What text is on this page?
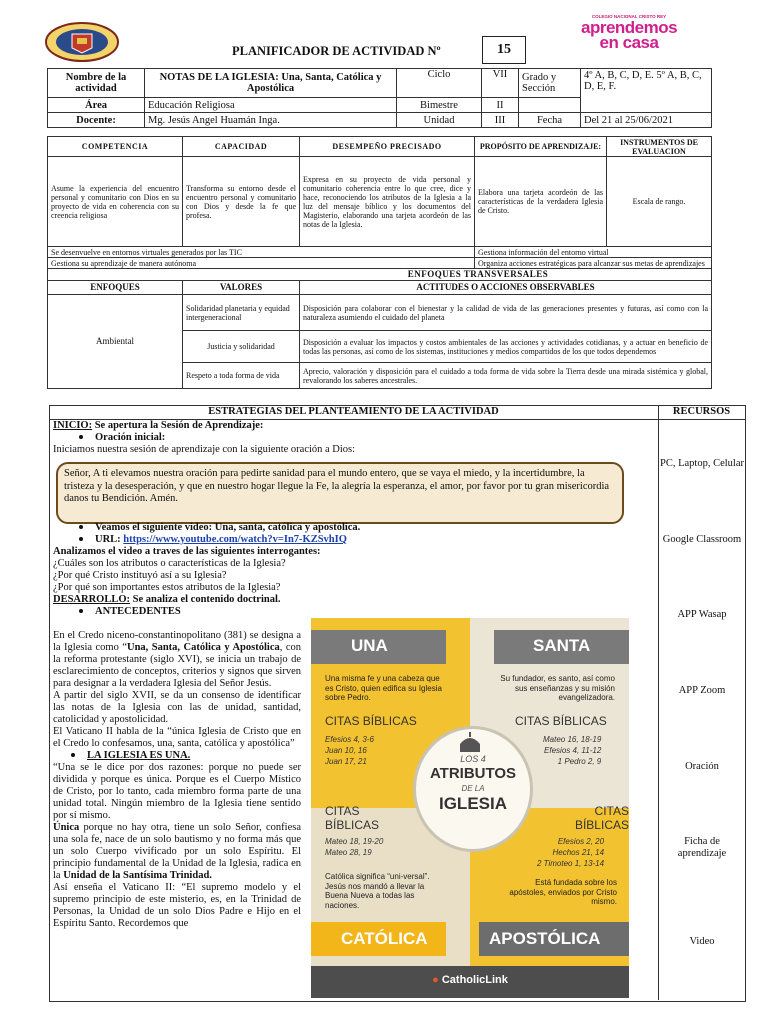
PLANIFICADOR DE ACTIVIDAD Nº	15
COLEGIO NACIONAL CRISTO REY
aprendemos en casa
Nombre de la actividad	NOTAS DE LA IGLESIA: Una, Santa, Católica y Apostólica	Ciclo	VII	Grado y Sección	4º A, B, C, D, E. 5º A, B, C, D, E, F.
Área	Educación Religiosa	Bimestre	II		
Docente:	Mg. Jesús Angel Huamán Inga.	Unidad	III	Fecha	Del 21 al 25/06/2021
COMPETENCIA	CAPACIDAD	DESEMPEÑO PRECISADO	PROPÓSITO DE APRENDIZAJE:	INSTRUMENTOS DE EVALUACION
Asume la experiencia del encuentro personal y comunitario con Dios en su proyecto de vida en coherencia con su creencia religiosa	Transforma su entorno desde el encuentro personal y comunitario con Dios y desde la fe que profesa.	Expresa en su proyecto de vida personal y comunitario coherencia entre lo que cree, dice y hace, reconociendo los atributos de la Iglesia a la luz del mensaje bíblico y los documentos del Magisterio, elaborando una tarjeta acordeón de las notas de la Iglesia.	Elabora una tarjeta acordeón de las características de la verdadera Iglesia de Cristo.	Escala de rango.
Se desenvuelve en entornos virtuales generados por las TIC			Gestiona información del entorno virtual	
Gestiona su aprendizaje de manera autónoma			Organiza acciones estratégicas para alcanzar sus metas de aprendizajes	
ENFOQUES TRANSVERSALES				
ENFOQUES	VALORES	ACTITUDES O ACCIONES OBSERVABLES		
Ambiental	Solidaridad planetaria y equidad intergeneracional	Disposición para colaborar con el bienestar y la calidad de vida de las generaciones presentes y futuras, así como con la naturaleza asumiendo el cuidado del planeta		
	Justicia y solidaridad	Disposición a evaluar los impactos y costos ambientales de las acciones y actividades cotidianas, y a actuar en beneficio de todas las personas, así como de los sistemas, instituciones y medios compartidos de los que todos dependemos		
	Respeto a toda forma de vida	Aprecio, valoración y disposición para el cuidado a toda forma de vida sobre la Tierra desde una mirada sistémica y global, revalorando los saberes ancestrales.		
ESTRATEGIAS DEL PLANTEAMIENTO DE LA ACTIVIDAD	RECURSOS
INICIO: Se apertura la Sesión de Aprendizaje:
Oración inicial:
Iniciamos nuestra sesión de aprendizaje con la siguiente oración a Dios:
Señor, A ti elevamos nuestra oración para pedirte sanidad para el mundo entero, que se vaya el miedo, y la incertidumbre, la tristeza y la desesperación, y que en nuestro hogar llegue la Fe, la alegría la esperanza, el amor, por favor por tu gran misericordia danos tu Bendición. Amén.
Veamos el siguiente video: Una, santa, católica y apostólica.
URL: https://www.youtube.com/watch?v=In7-KZSvhIQ
Analizamos el video a traves de las siguientes interrogantes:
¿Cuáles son los atributos o características de la Iglesia?
¿Por qué Cristo instituyó así a su Iglesia?
¿Por qué son importantes estos atributos de la Iglesia?
DESARROLLO: Se analiza el contenido doctrinal.
ANTECEDENTES
En el Credo niceno-constantinopolitano (381) se designa a la Iglesia como “Una, Santa, Católica y Apostólica, con la reforma protestante (siglo XVI), se inicia un trabajo de esclarecimiento de conceptos, criterios y signos que sirven para designar a la verdadera Iglesia del Señor Jesús.
A partir del siglo XVII, se da un consenso de identificar las notas de la Iglesia con las de unidad, santidad, catolicidad y apostolicidad.
El Vaticano II habla de la “única Iglesia de Cristo que en el Credo lo confesamos, una, santa, católica y apostólica”
LA IGLESIA ES UNA.
“Una se le dice por dos razones: porque no puede ser dividida y porque es única. Porque es el Cuerpo Místico de Cristo, por lo tanto, cada miembro forma parte de una unidad total. Ningún miembro de la Iglesia tiene sentido por sí mismo.
Única porque no hay otra, tiene un solo Señor, confiesa una sola fe, nace de un solo bautismo y no forma más que un solo Cuerpo vivificado por un solo Espíritu. El principio fundamental de la Unidad de la Iglesia, radica en la Unidad de la Santísima Trinidad.
Así enseña el Vaticano II: “El supremo modelo y el supremo principio de este misterio, es, en la Trinidad de Personas, la Unidad de un solo Dios Padre e Hijo en el Espíritu Santo. Recordemos que
PC, Laptop, Celular
Google Classroom
APP Wasap
APP Zoom
Oración
Ficha de aprendizaje
Video
UNA	SANTA
CATÓLICA	APOSTÓLICA
Una misma fe y una cabeza que es Cristo, quien edifica su Iglesia sobre Pedro.
Su fundador, es santo, así como sus enseñanzas y su misión evangelizadora.
CITAS BÍBLICAS	CITAS BÍBLICAS
Efesios 4, 3-6
Juan 10, 16
Juan 17, 21
Mateo 16, 18-19
Efesios 4, 11-12
1 Pedro 2, 9
CITAS BÍBLICAS
CITAS BÍBLICAS
Mateo 18, 19-20
Mateo 28, 19
Efesios 2, 20
Hechos 21, 14
2 Timoteo 1, 13-14
Católica significa “uni-versal”. Jesús nos mandó a llevar la Buena Nueva a todas las naciones.
Está fundada sobre los apóstoles, enviados por Cristo mismo.
LOS 4
ATRIBUTOS
DE LA
IGLESIA
● CatholicLink
